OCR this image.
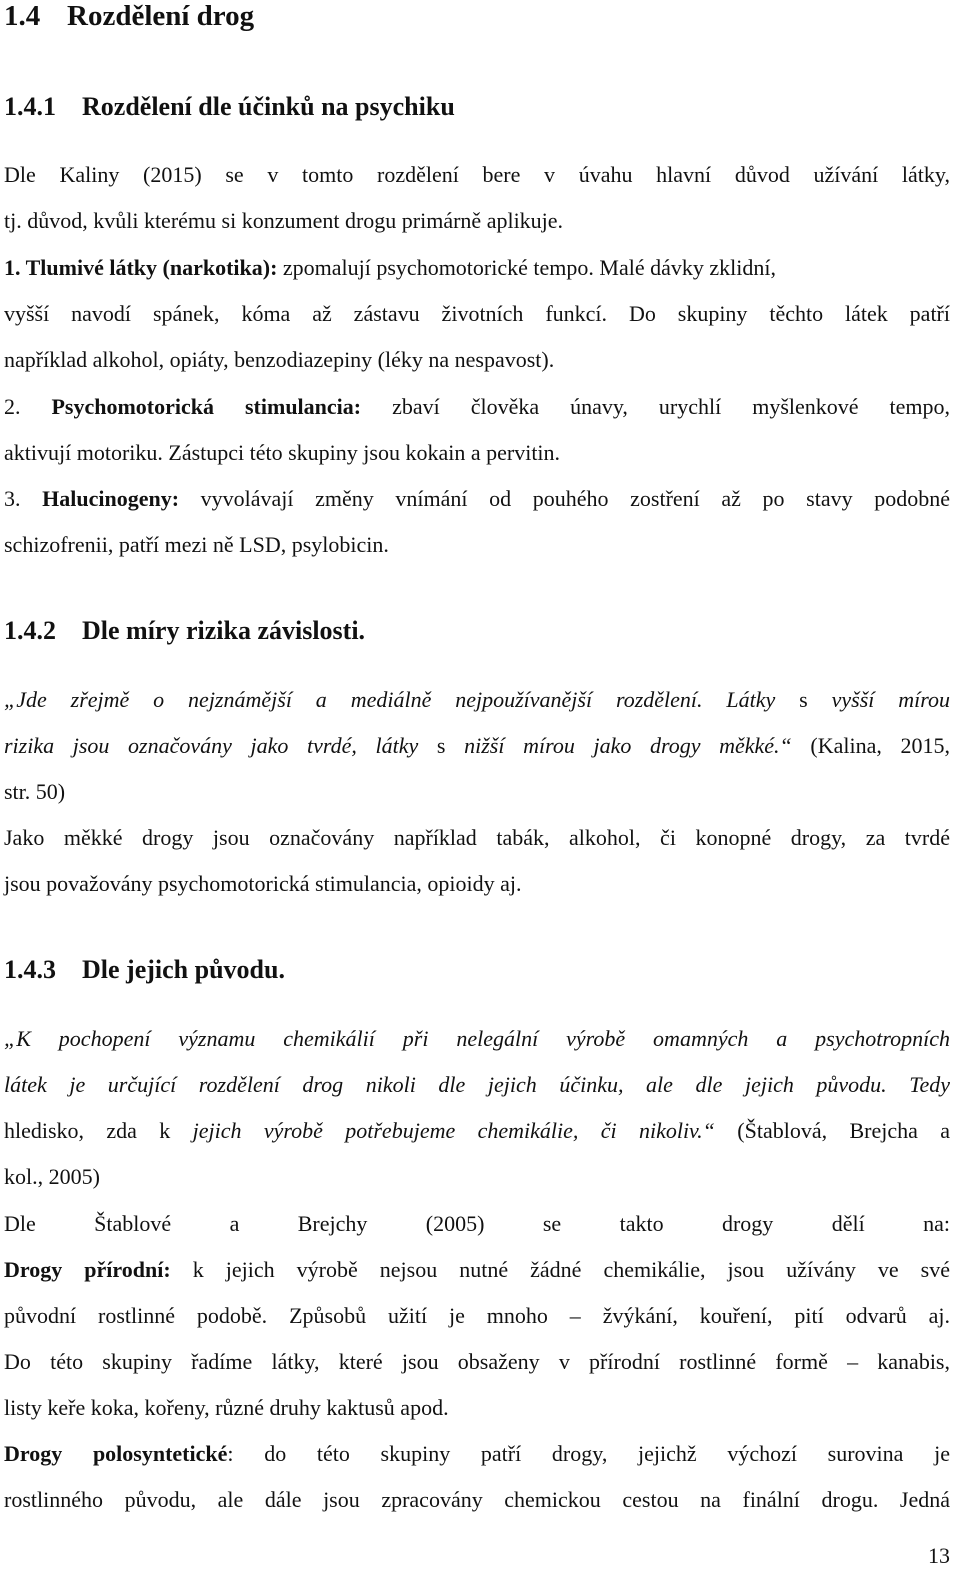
1.4 Rozdělení drog
1.4.1 Rozdělení dle účinků na psychiku
Dle Kaliny (2015) se v tomto rozdělení bere v úvahu hlavní důvod užívání látky,
tj. důvod, kvůli kterému si konzument drogu primárně aplikuje.
1. Tlumivé látky (narkotika): zpomalují psychomotorické tempo. Malé dávky zklidní,
vyšší navodí spánek, kóma až zástavu životních funkcí. Do skupiny těchto látek patří
například alkohol, opiáty, benzodiazepiny (léky na nespavost).
2. Psychomotorická stimulancia: zbaví člověka únavy, urychlí myšlenkové tempo,
aktivují motoriku. Zástupci této skupiny jsou kokain a pervitin.
3. Halucinogeny: vyvolávají změny vnímání od pouhého zostření až po stavy podobné
schizofrenii, patří mezi ně LSD, psylobicin.
1.4.2 Dle míry rizika závislosti.
„Jde zřejmě o nejznámější a mediálně nejpoužívanější rozdělení. Látky s vyšší mírou
rizika jsou označovány jako tvrdé, látky s nižší mírou jako drogy měkké.“ (Kalina, 2015,
str. 50)
Jako měkké drogy jsou označovány například tabák, alkohol, či konopné drogy, za tvrdé
jsou považovány psychomotorická stimulancia, opioidy aj.
1.4.3 Dle jejich původu.
„K pochopení významu chemikálií při nelegální výrobě omamných a psychotropních
látek je určující rozdělení drog nikoli dle jejich účinku, ale dle jejich původu. Tedy
hledisko, zda k jejich výrobě potřebujeme chemikálie, či nikoliv.“ (Štablová, Brejcha a
kol., 2005)
Dle Štablové a Brejchy (2005) se takto drogy dělí na:
Drogy přírodní: k jejich výrobě nejsou nutné žádné chemikálie, jsou užívány ve své
původní rostlinné podobě. Způsobů užití je mnoho – žvýkání, kouření, pití odvarů aj.
Do této skupiny řadíme látky, které jsou obsaženy v přírodní rostlinné formě – kanabis,
listy keře koka, kořeny, různé druhy kaktusů apod.
Drogy polosyntetické: do této skupiny patří drogy, jejichž výchozí surovina je
rostlinného původu, ale dále jsou zpracovány chemickou cestou na finální drogu. Jedná
13
